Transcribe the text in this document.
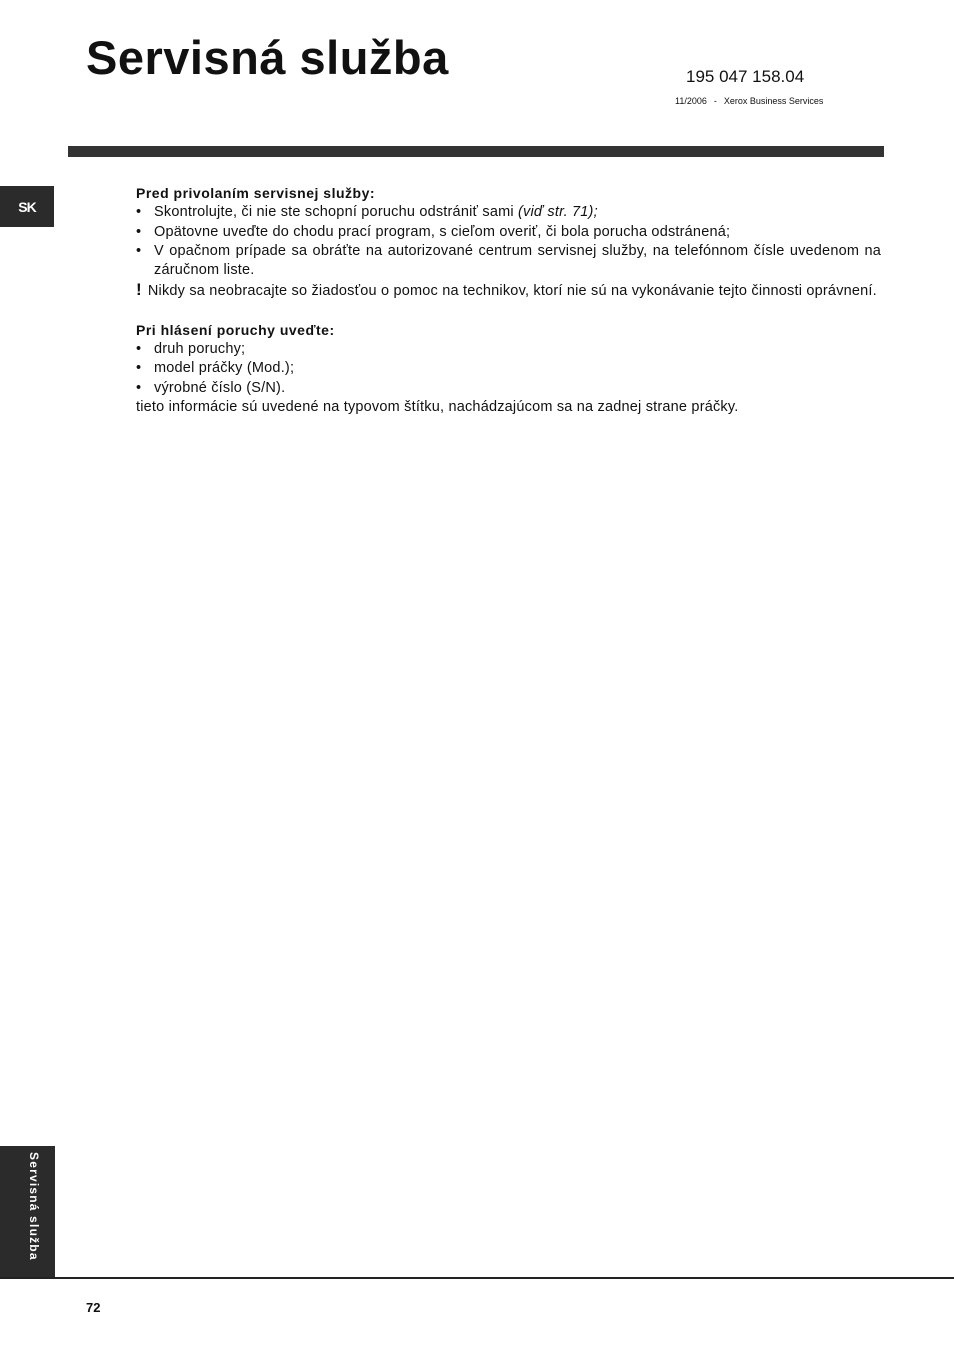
Servisná služba	195 047 158.04
11/2006 - Xerox Business Services
SK

Pred privolaním servisnej služby:

• Skontrolujte, či nie ste schopní poruchu odstrániť sami (viď str. 71);
• Opätovne uveďte do chodu prací program, s cieľom overiť, či bola porucha odstránená;
• V opačnom prípade sa obráťte na autorizované centrum servisnej služby, na telefónnom čísle uvedenom na záručnom liste.

! Nikdy sa neobracajte so žiadosťou o pomoc na technikov, ktorí nie sú na vykonávanie tejto činnosti oprávnení.

Pri hlásení poruchy uveďte:

• druh poruchy;
• model práčky (Mod.);
• výrobné číslo (S/N).

tieto informácie sú uvedené na typovom štítku, nachádzajúcom sa na zadnej strane práčky.

Servisná služba
72
